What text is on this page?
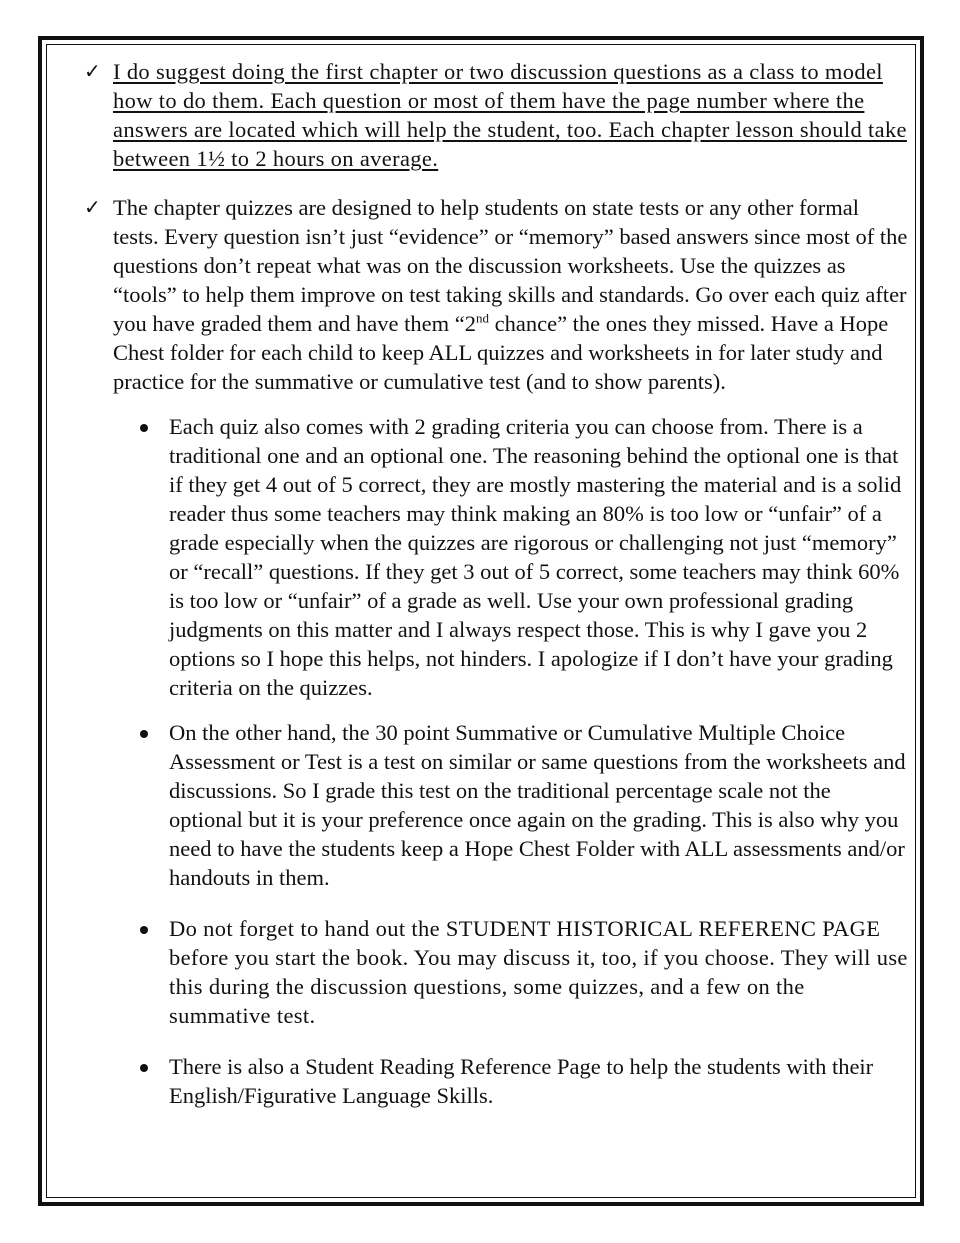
✓ I do suggest doing the first chapter or two discussion questions as a class to model how to do them. Each question or most of them have the page number where the answers are located which will help the student, too. Each chapter lesson should take between 1½ to 2 hours on average.
✓ The chapter quizzes are designed to help students on state tests or any other formal tests. Every question isn’t just “evidence” or “memory” based answers since most of the questions don’t repeat what was on the discussion worksheets. Use the quizzes as “tools” to help them improve on test taking skills and standards. Go over each quiz after you have graded them and have them “2nd chance” the ones they missed. Have a Hope Chest folder for each child to keep ALL quizzes and worksheets in for later study and practice for the summative or cumulative test (and to show parents).
Each quiz also comes with 2 grading criteria you can choose from. There is a traditional one and an optional one. The reasoning behind the optional one is that if they get 4 out of 5 correct, they are mostly mastering the material and is a solid reader thus some teachers may think making an 80% is too low or “unfair” of a grade especially when the quizzes are rigorous or challenging not just “memory” or “recall” questions. If they get 3 out of 5 correct, some teachers may think 60% is too low or “unfair” of a grade as well. Use your own professional grading judgments on this matter and I always respect those. This is why I gave you 2 options so I hope this helps, not hinders. I apologize if I don’t have your grading criteria on the quizzes.
On the other hand, the 30 point Summative or Cumulative Multiple Choice Assessment or Test is a test on similar or same questions from the worksheets and discussions. So I grade this test on the traditional percentage scale not the optional but it is your preference once again on the grading. This is also why you need to have the students keep a Hope Chest Folder with ALL assessments and/or handouts in them.
Do not forget to hand out the STUDENT HISTORICAL REFERENC PAGE before you start the book. You may discuss it, too, if you choose. They will use this during the discussion questions, some quizzes, and a few on the summative test.
There is also a Student Reading Reference Page to help the students with their English/Figurative Language Skills.
